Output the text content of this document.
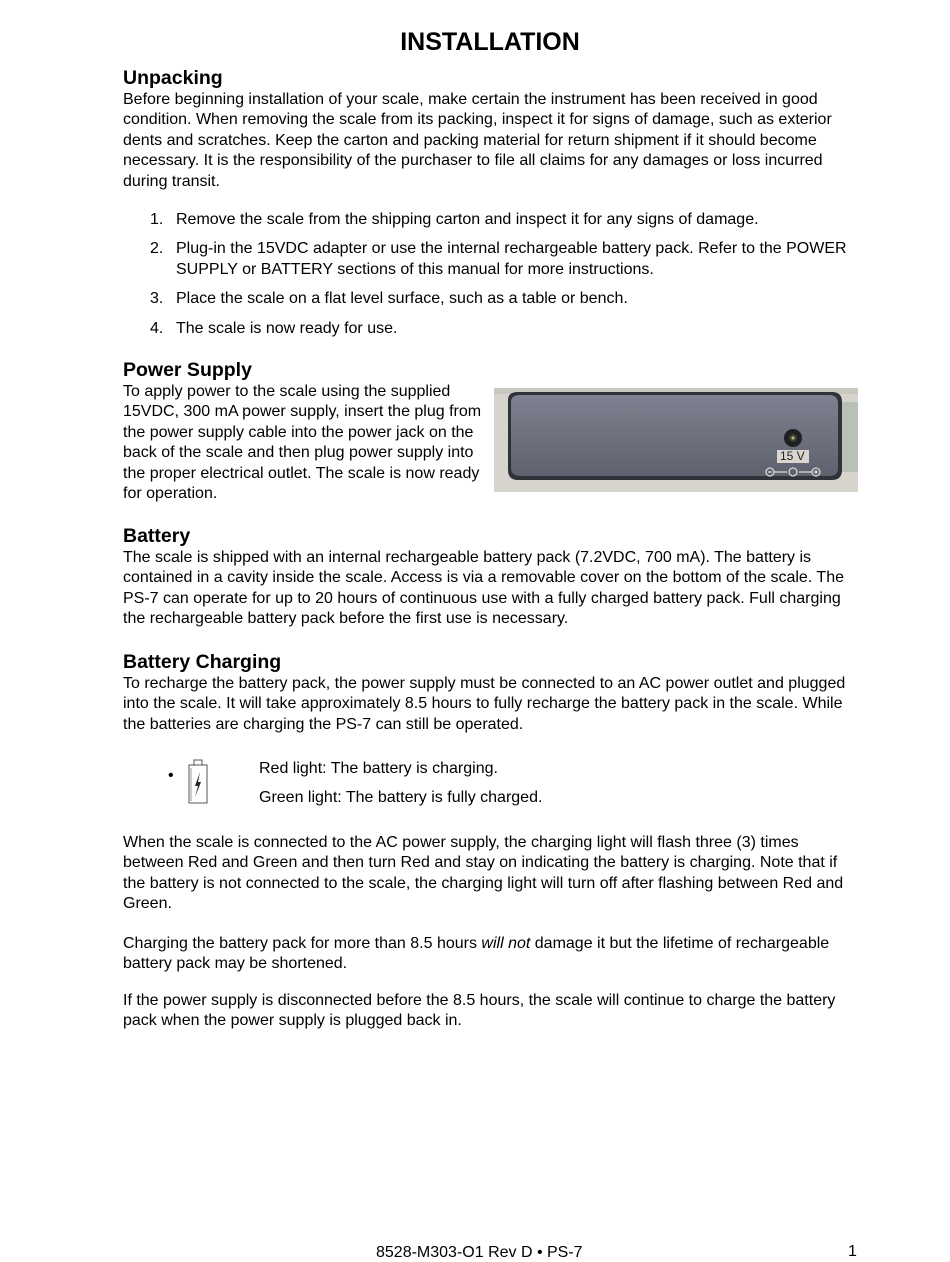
INSTALLATION
Unpacking

Before beginning installation of your scale, make certain the instrument has been received in good condition. When removing the scale from its packing, inspect it for signs of damage, such as exterior dents and scratches. Keep the carton and packing material for return shipment if it should become necessary. It is the responsibility of the purchaser to file all claims for any damages or loss incurred during transit.

1. Remove the scale from the shipping carton and inspect it for any signs of damage.
2. Plug-in the 15VDC adapter or use the internal rechargeable battery pack. Refer to the POWER SUPPLY or BATTERY sections of this manual for more instructions.
3. Place the scale on a flat level surface, such as a table or bench.
4. The scale is now ready for use.
Power Supply

To apply power to the scale using the supplied 15VDC, 300 mA power supply, insert the plug from the power supply cable into the power jack on the back of the scale and then plug power supply into the proper electrical outlet. The scale is now ready for operation.

15 V
Battery

The scale is shipped with an internal rechargeable battery pack (7.2VDC, 700 mA). The battery is contained in a cavity inside the scale. Access is via a removable cover on the bottom of the scale. The PS-7 can operate for up to 20 hours of continuous use with a fully charged battery pack. Full charging the rechargeable battery pack before the first use is necessary.

Battery Charging

To recharge the battery pack, the power supply must be connected to an AC power outlet and plugged into the scale. It will take approximately 8.5 hours to fully recharge the battery pack in the scale. While the batteries are charging the PS-7 can still be operated.

•	Red light: The battery is charging.
Green light: The battery is fully charged.

When the scale is connected to the AC power supply, the charging light will flash three (3) times between Red and Green and then turn Red and stay on indicating the battery is charging. Note that if the battery is not connected to the scale, the charging light will turn off after flashing between Red and Green.

Charging the battery pack for more than 8.5 hours will not damage it but the lifetime of rechargeable battery pack may be shortened.

If the power supply is disconnected before the 8.5 hours, the scale will continue to charge the battery pack when the power supply is plugged back in.

8528-M303-O1 Rev D • PS-7	1
